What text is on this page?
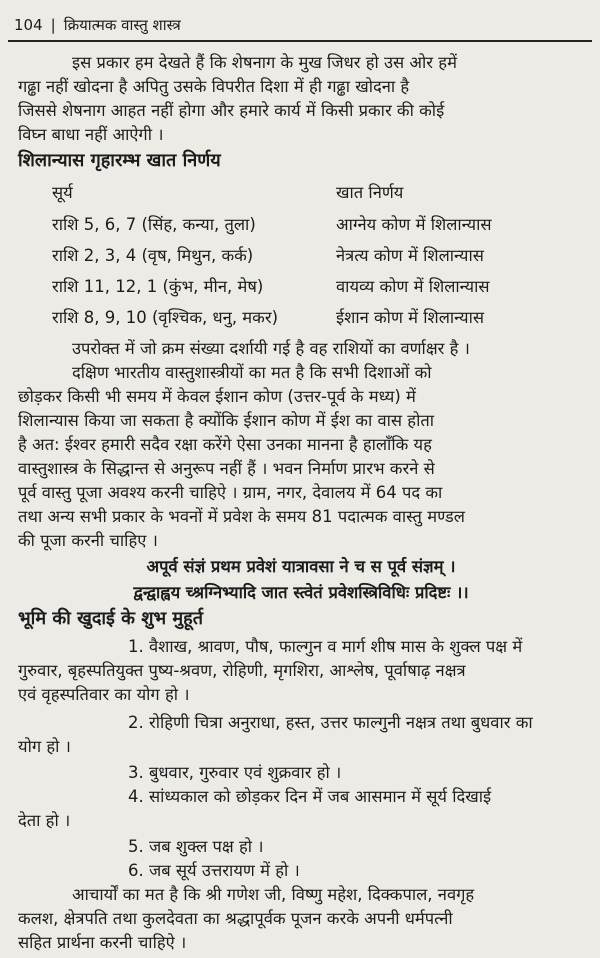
104 | क्रियात्मक वास्तु शास्त्र
इस प्रकार हम देखते हैं कि शेषनाग के मुख जिधर हो उस ओर हमें
गढ्ढा नहीं खोदना है अपितु उसके विपरीत दिशा में ही गढ्ढा खोदना है
जिससे शेषनाग आहत नहीं होगा और हमारे कार्य में किसी प्रकार की कोई
विघ्न बाधा नहीं आऐगी ।
शिलान्यास गृहारम्भ खात निर्णय
सूर्य	खात निर्णय
राशि 5, 6, 7 (सिंह, कन्या, तुला)	आग्नेय कोण में शिलान्यास
राशि 2, 3, 4 (वृष, मिथुन, कर्क)	नेत्रत्य कोण में शिलान्यास
राशि 11, 12, 1 (कुंभ, मीन, मेष)	वायव्य कोण में शिलान्यास
राशि 8, 9, 10 (वृश्चिक, धनु, मकर)	ईशान कोण में शिलान्यास
उपरोक्त में जो क्रम संख्या दर्शायी गई है वह राशियों का वर्णाक्षर है ।
दक्षिण भारतीय वास्तुशास्त्रीयों का मत है कि सभी दिशाओं को
छोड़कर किसी भी समय में केवल ईशान कोण (उत्तर-पूर्व के मध्य) में
शिलान्यास किया जा सकता है क्योंकि ईशान कोण में ईश का वास होता
है अत: ईश्वर हमारी सदैव रक्षा करेंगे ऐसा उनका मानना है हालाँकि यह
वास्तुशास्त्र के सिद्धान्त से अनुरूप नहीं हैं । भवन निर्माण प्रारभ करने से
पूर्व वास्तु पूजा अवश्य करनी चाहिऐ । ग्राम, नगर, देवालय में 64 पद का
तथा अन्य सभी प्रकार के भवनों में प्रवेश के समय 81 पदात्मक वास्तु मण्डल
की पूजा करनी चाहिए ।
अपूर्व संज्ञं प्रथम प्रवेशं यात्रावसा ने च स पूर्व संज्ञम् ।
द्वन्द्वाह्वय च्श्रग्निभ्यादि जात स्त्वेतं प्रवेशस्त्रिविधिः प्रदिष्टः ।।
भूमि की खुदाई के शुभ मुहूर्त
1. वैशाख, श्रावण, पौष, फाल्गुन व मार्ग शीष मास के शुक्ल पक्ष में
गुरुवार, बृहस्पतियुक्त पुष्य-श्रवण, रोहिणी, मृगशिरा, आश्लेष, पूर्वाषाढ़ नक्षत्र
एवं वृहस्पतिवार का योग हो ।
2. रोहिणी चित्रा अनुराधा, हस्त, उत्तर फाल्गुनी नक्षत्र तथा बुधवार का
योग हो ।
3. बुधवार, गुरुवार एवं शुक्रवार हो ।
4. सांध्यकाल को छोड़कर दिन में जब आसमान में सूर्य दिखाई
देता हो ।
5. जब शुक्ल पक्ष हो ।
6. जब सूर्य उत्तरायण में हो ।
आचार्यों का मत है कि श्री गणेश जी, विष्णु महेश, दिक्कपाल, नवगृह
कलश, क्षेत्रपति तथा कुलदेवता का श्रद्धापूर्वक पूजन करके अपनी धर्मपत्नी
सहित प्रार्थना करनी चाहिऐ ।
